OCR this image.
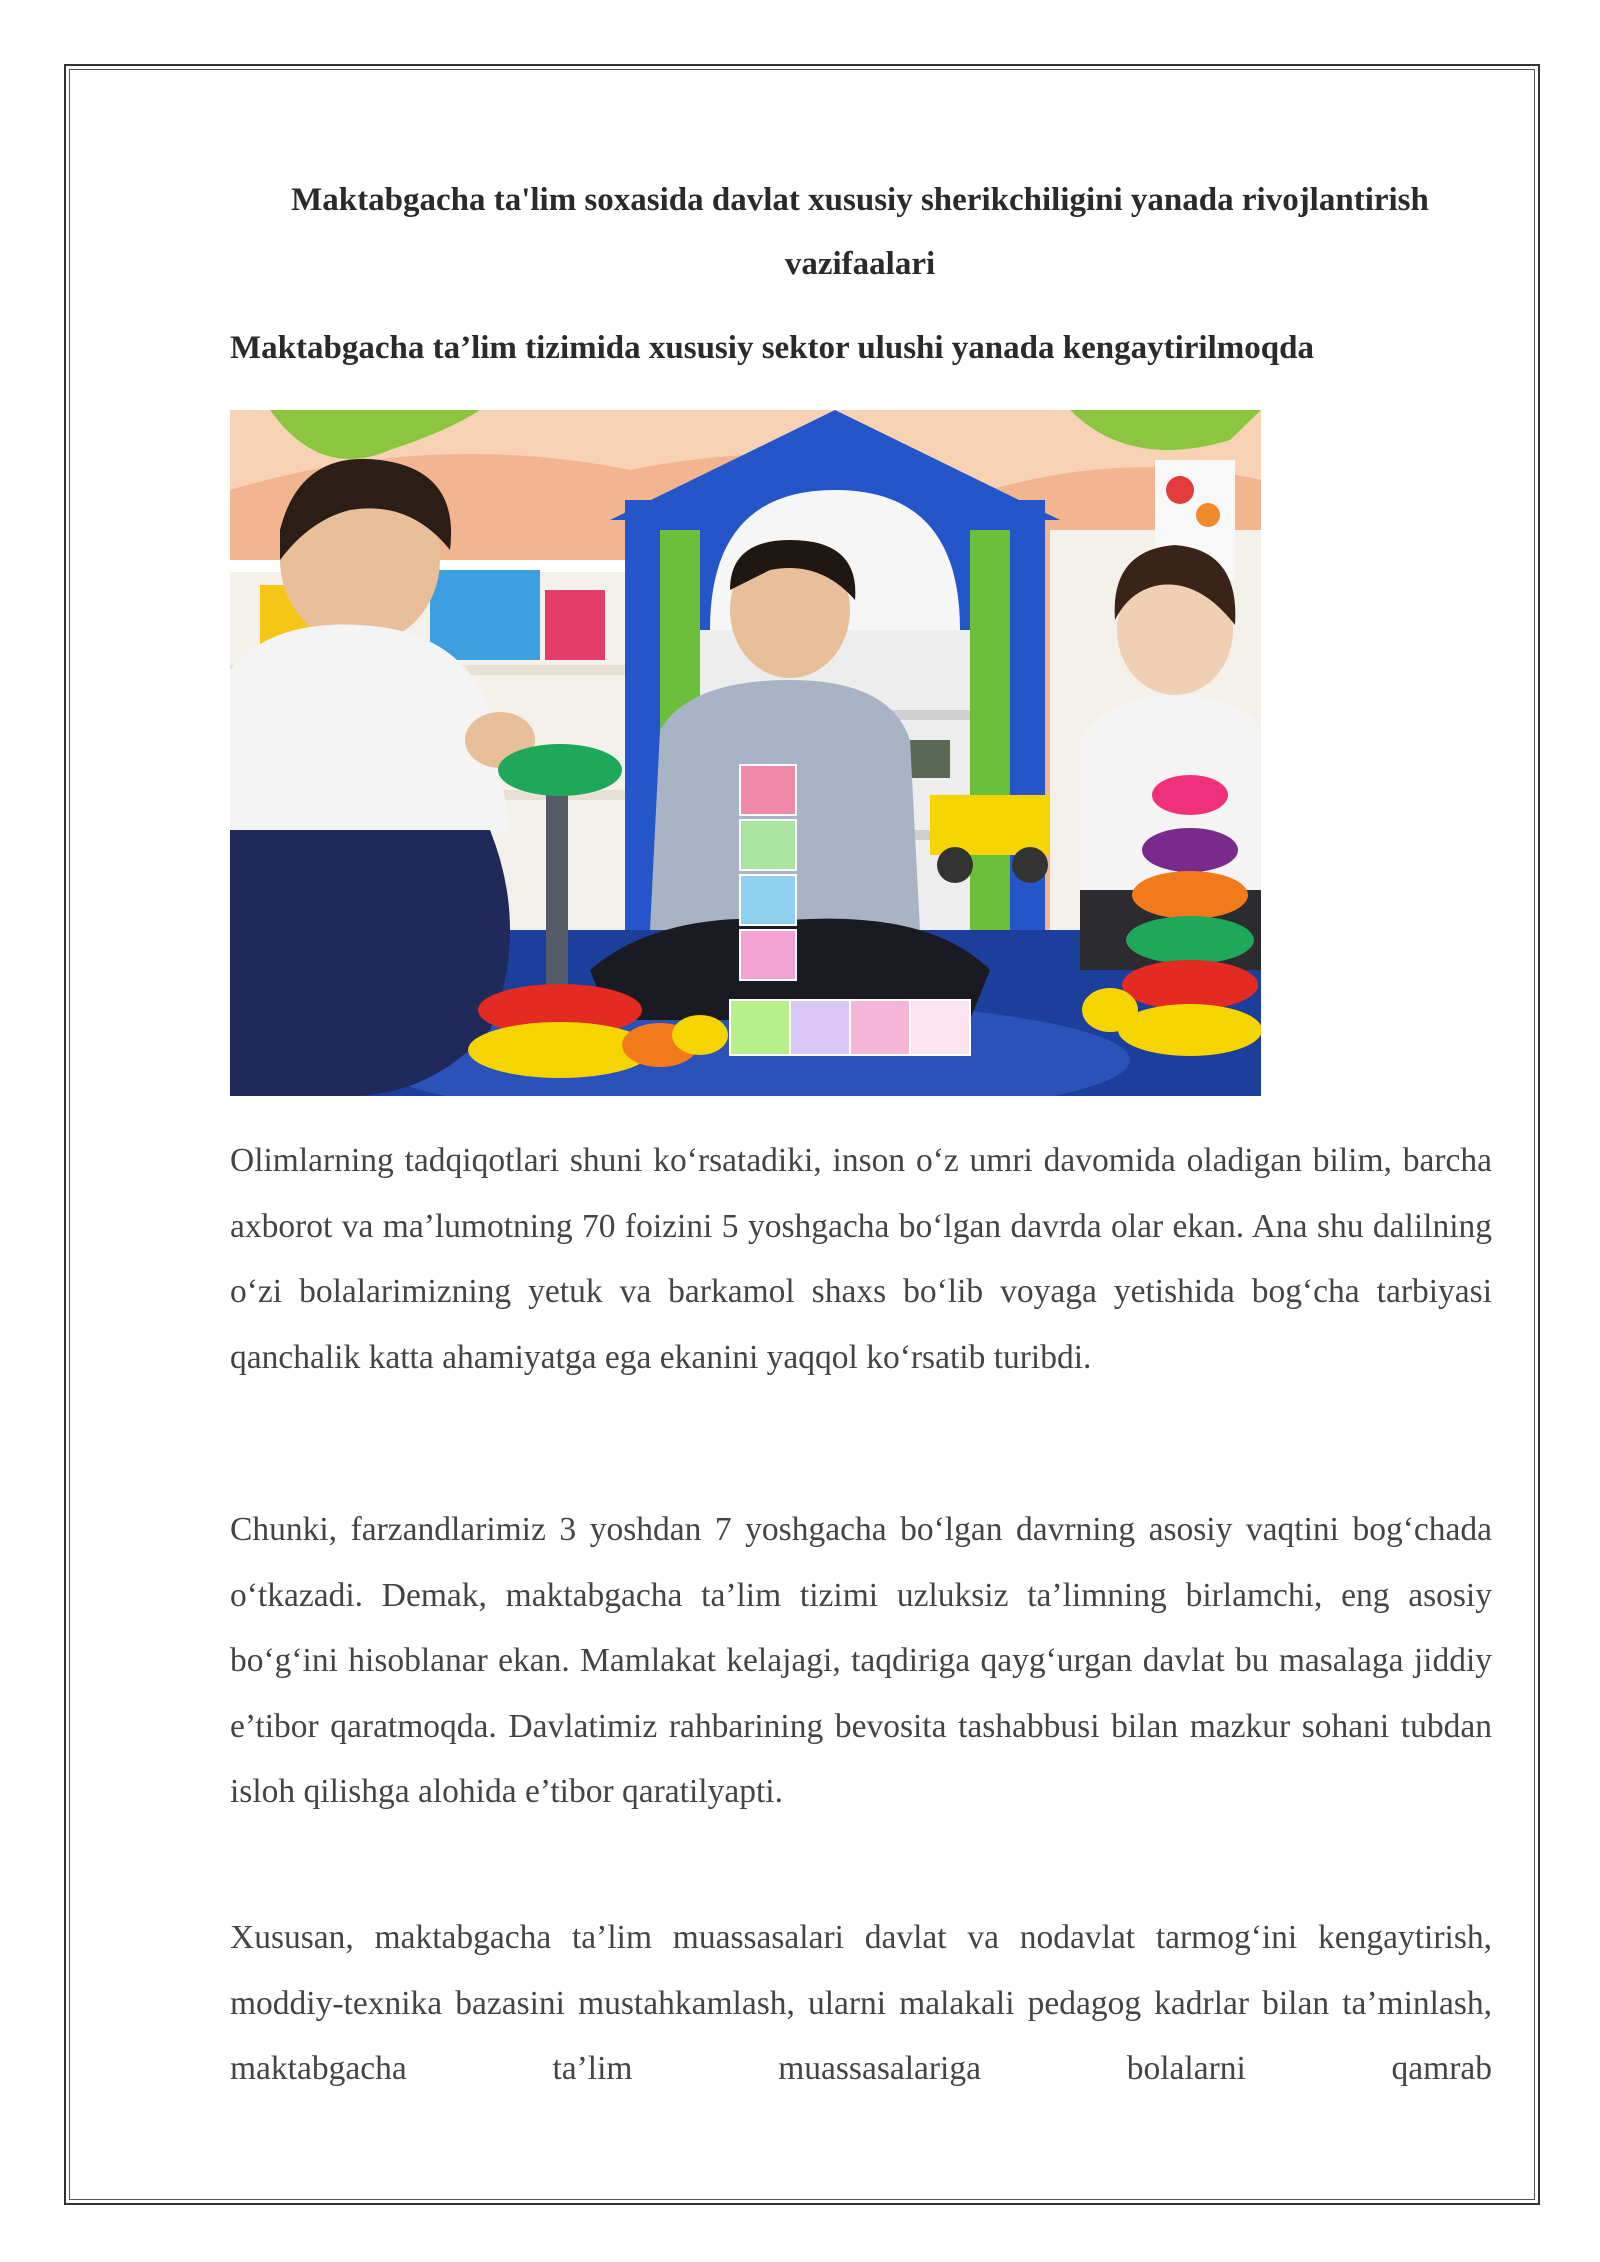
Maktabgacha ta'lim soxasida davlat xususiy sherikchiligini yanada rivojlantirish vazifaalari
Maktabgacha ta’lim tizimida xususiy sektor ulushi yanada kengaytirilmoqda

Olimlarning tadqiqotlari shuni ko‘rsatadiki, inson o‘z umri davomida oladigan bilim, barcha axborot va ma’lumotning 70 foizini 5 yoshgacha bo‘lgan davrda olar ekan. Ana shu dalilning o‘zi bolalarimizning yetuk va barkamol shaxs bo‘lib voyaga yetishida bog‘cha tarbiyasi qanchalik katta ahamiyatga ega ekanini yaqqol ko‘rsatib turibdi.

Chunki, farzandlarimiz 3 yoshdan 7 yoshgacha bo‘lgan davrning asosiy vaqtini bog‘chada o‘tkazadi. Demak, maktabgacha ta’lim tizimi uzluksiz ta’limning birlamchi, eng asosiy bo‘g‘ini hisoblanar ekan. Mamlakat kelajagi, taqdiriga qayg‘urgan davlat bu masalaga jiddiy e’tibor qaratmoqda. Davlatimiz rahbarining bevosita tashabbusi bilan mazkur sohani tubdan isloh qilishga alohida e’tibor qaratilyapti.

Xususan, maktabgacha ta’lim muassasalari davlat va nodavlat tarmog‘ini kengaytirish, moddiy-texnika bazasini mustahkamlash, ularni malakali pedagog kadrlar bilan ta’minlash, maktabgacha ta’lim muassasalariga bolalarni qamrab
